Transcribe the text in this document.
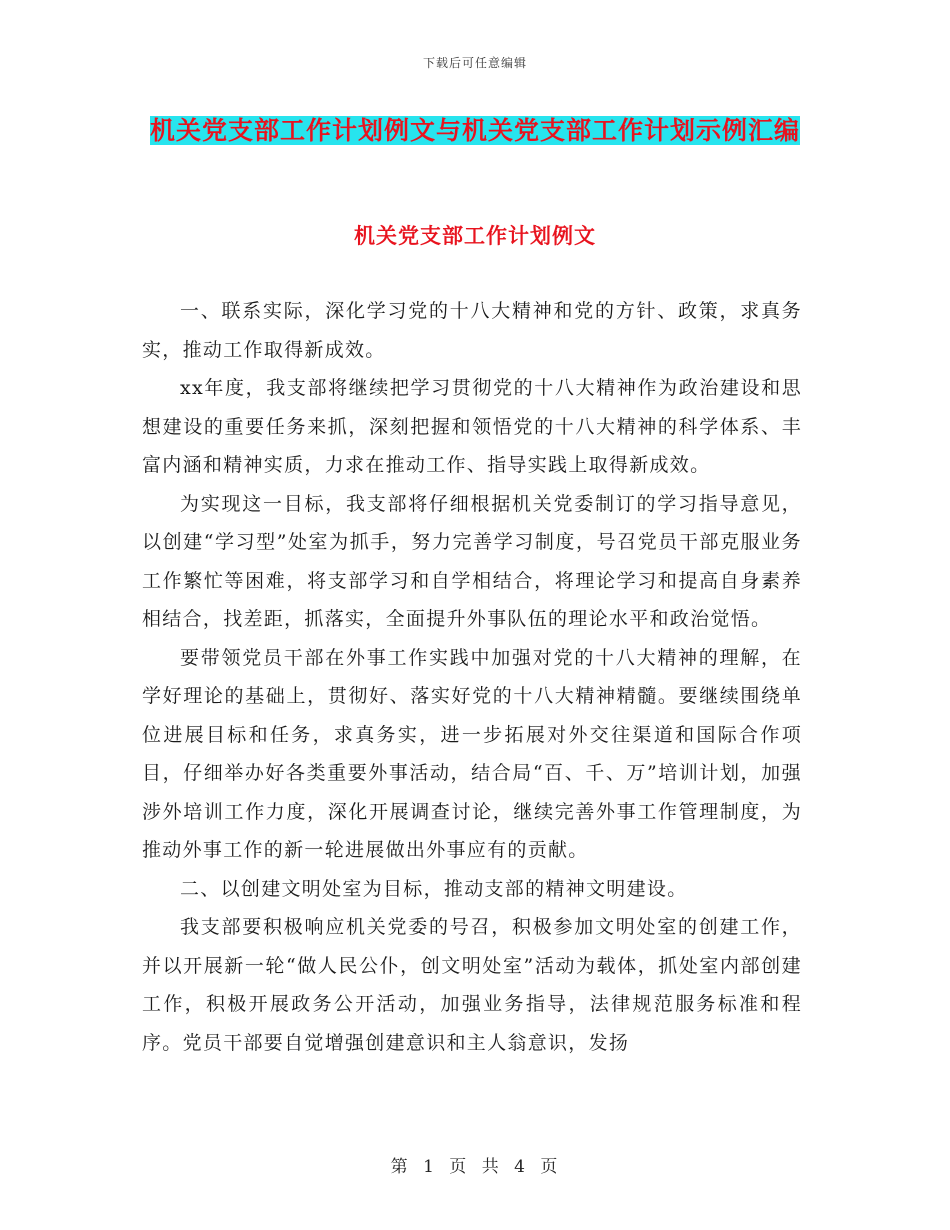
下载后可任意编辑
机关党支部工作计划例文与机关党支部工作计划示例汇编
机关党支部工作计划例文

一、联系实际，深化学习党的十八大精神和党的方针、政策，求真务实，推动工作取得新成效。

xx年度，我支部将继续把学习贯彻党的十八大精神作为政治建设和思想建设的重要任务来抓，深刻把握和领悟党的十八大精神的科学体系、丰富内涵和精神实质，力求在推动工作、指导实践上取得新成效。

为实现这一目标，我支部将仔细根据机关党委制订的学习指导意见，以创建“学习型”处室为抓手，努力完善学习制度，号召党员干部克服业务工作繁忙等困难，将支部学习和自学相结合，将理论学习和提高自身素养相结合，找差距，抓落实，全面提升外事队伍的理论水平和政治觉悟。

要带领党员干部在外事工作实践中加强对党的十八大精神的理解，在学好理论的基础上，贯彻好、落实好党的十八大精神精髓。要继续围绕单位进展目标和任务，求真务实，进一步拓展对外交往渠道和国际合作项目，仔细举办好各类重要外事活动，结合局“百、千、万”培训计划，加强涉外培训工作力度，深化开展调查讨论，继续完善外事工作管理制度，为推动外事工作的新一轮进展做出外事应有的贡献。

二、以创建文明处室为目标，推动支部的精神文明建设。

我支部要积极响应机关党委的号召，积极参加文明处室的创建工作，并以开展新一轮“做人民公仆，创文明处室”活动为载体，抓处室内部创建工作，积极开展政务公开活动，加强业务指导，法律规范服务标准和程序。党员干部要自觉增强创建意识和主人翁意识，发扬

第 1 页 共 4 页
